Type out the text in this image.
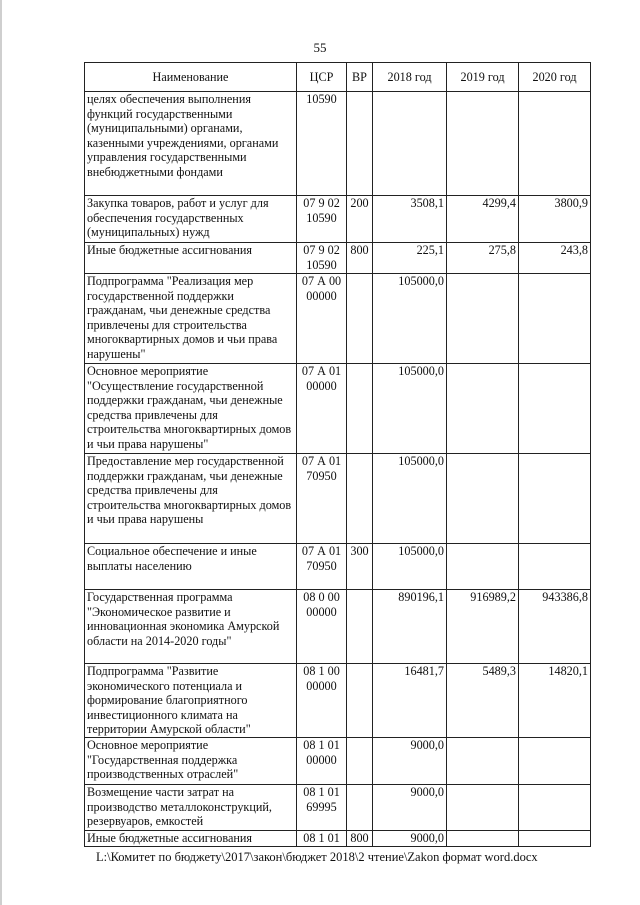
55
Наименование	ЦСР	ВР	2018 год	2019 год	2020 год
целях обеспечения выполнения функций государственными (муниципальными) органами, казенными учреждениями, органами управления государственными внебюджетными фондами	10590				
Закупка товаров, работ и услуг для обеспечения государственных (муниципальных) нужд	07 9 02 10590	200	3508,1	4299,4	3800,9
Иные бюджетные ассигнования	07 9 02 10590	800	225,1	275,8	243,8
Подпрограмма "Реализация мер государственной поддержки гражданам, чьи денежные средства привлечены для строительства многоквартирных домов и чьи права нарушены"	07 А 00 00000		105000,0		
Основное мероприятие "Осуществление государственной поддержки гражданам, чьи денежные средства привлечены для строительства многоквартирных домов и чьи права нарушены"	07 А 01 00000		105000,0		
Предоставление мер государственной поддержки гражданам, чьи денежные средства привлечены для строительства многоквартирных домов и чьи права нарушены	07 А 01 70950		105000,0		
Социальное обеспечение и иные выплаты населению	07 А 01 70950	300	105000,0		
Государственная программа "Экономическое развитие и инновационная экономика Амурской области на 2014-2020 годы"	08 0 00 00000		890196,1	916989,2	943386,8
Подпрограмма "Развитие экономического потенциала и формирование благоприятного инвестиционного климата на территории Амурской области"	08 1 00 00000		16481,7	5489,3	14820,1
Основное мероприятие "Государственная поддержка производственных отраслей"	08 1 01 00000		9000,0		
Возмещение части затрат на производство металлоконструкций, резервуаров, емкостей	08 1 01 69995		9000,0		
Иные бюджетные ассигнования	08 1 01	800	9000,0		
L:\Комитет по бюджету\2017\закон\бюджет 2018\2 чтение\Zakon формат word.docx
